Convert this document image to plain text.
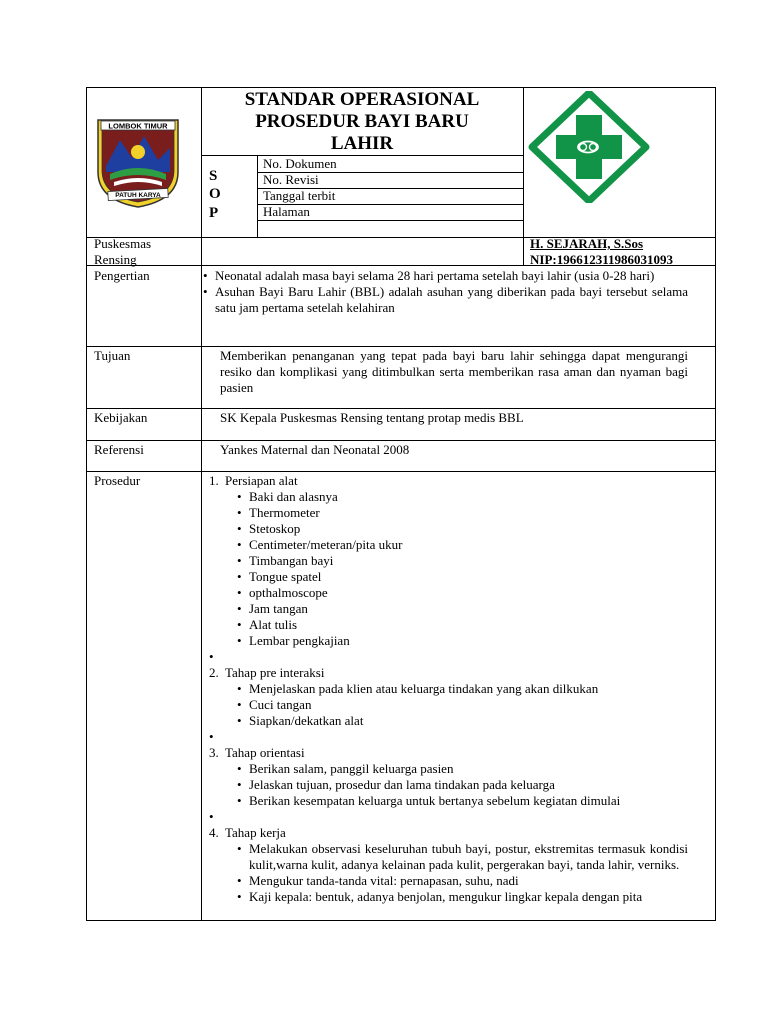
LOMBOK TIMUR
PATUH KARYA
STANDAR OPERASIONAL
PROSEDUR BAYI BARU
LAHIR
S
O
P
No. Dokumen
No. Revisi
Tanggal terbit
Halaman
Puskesmas
Rensing
H. SEJARAH, S.Sos
NIP:196612311986031093
Pengertian
•	Neonatal adalah masa bayi selama 28 hari pertama setelah bayi lahir (usia 0-28 hari)
• Asuhan Bayi Baru Lahir (BBL) adalah asuhan yang diberikan pada bayi tersebut selama satu jam pertama setelah kelahiran
Tujuan	Memberikan penanganan yang tepat pada bayi baru lahir sehingga dapat mengurangi resiko dan komplikasi yang ditimbulkan serta memberikan rasa aman dan nyaman bagi pasien
Kebijakan	SK Kepala Puskesmas Rensing tentang protap medis BBL
Referensi	Yankes Maternal dan Neonatal 2008
Prosedur	1. Persiapan alat
• Baki dan alasnya
• Thermometer
• Stetoskop
• Centimeter/meteran/pita ukur
• Timbangan bayi
• Tongue spatel
• opthalmoscope
• Jam tangan
• Alat tulis
• Lembar pengkajian
•
2. Tahap pre interaksi
• Menjelaskan pada klien atau keluarga tindakan yang akan dilkukan
• Cuci tangan
• Siapkan/dekatkan alat
•
3. Tahap orientasi
• Berikan salam, panggil keluarga pasien
• Jelaskan tujuan, prosedur dan lama tindakan pada keluarga
• Berikan kesempatan keluarga untuk bertanya sebelum kegiatan dimulai
•
4. Tahap kerja
• Melakukan observasi keseluruhan tubuh bayi, postur, ekstremitas termasuk kondisi kulit,warna kulit, adanya kelainan pada kulit, pergerakan bayi, tanda lahir, verniks.
• Mengukur tanda-tanda vital: pernapasan, suhu, nadi
• Kaji kepala: bentuk, adanya benjolan, mengukur lingkar kepala dengan pita
